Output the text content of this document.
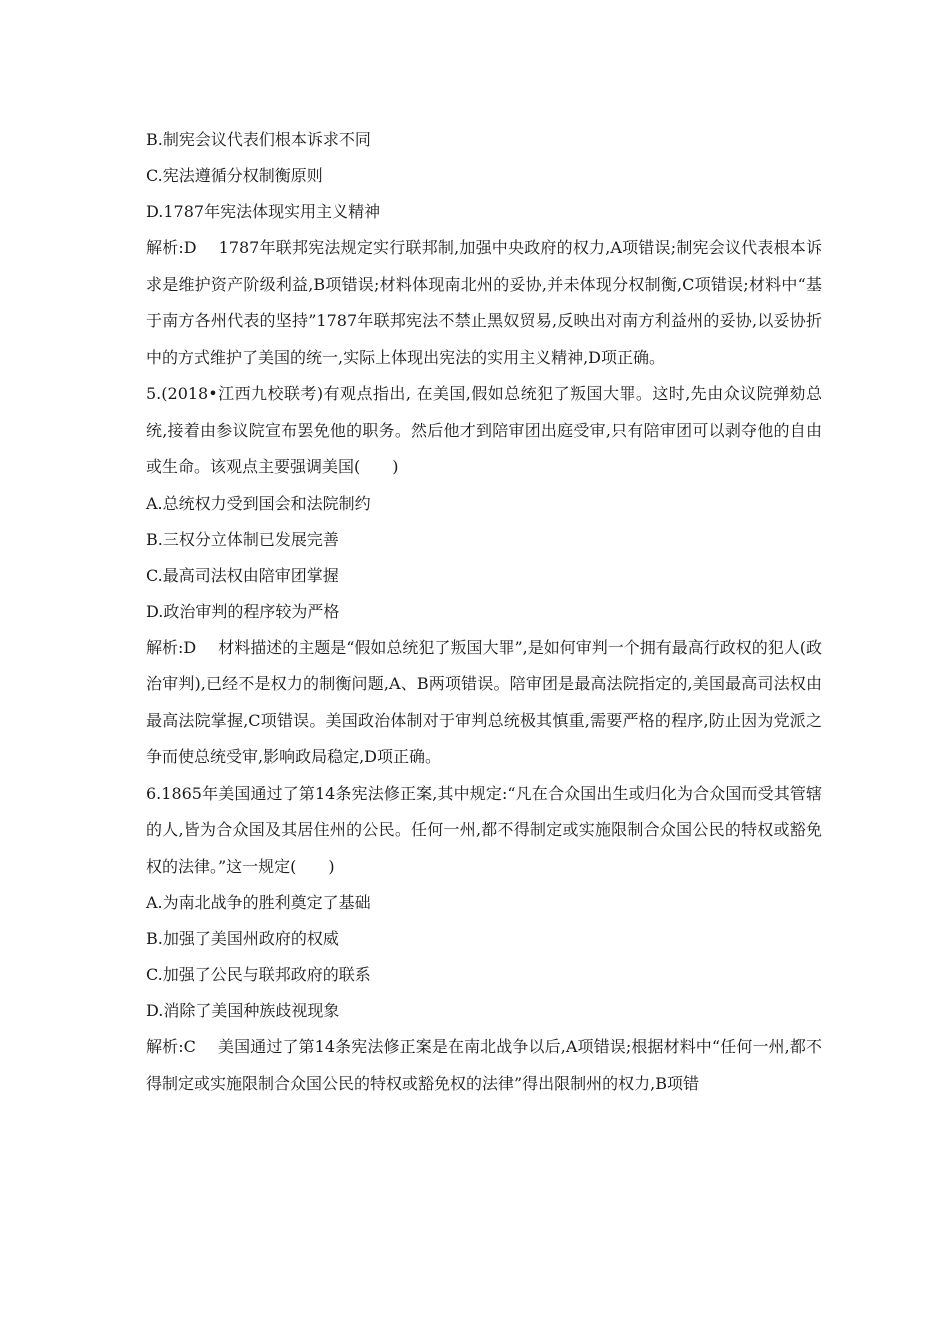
B.制宪会议代表们根本诉求不同

C.宪法遵循分权制衡原则

D.1787年宪法体现实用主义精神

解析:D 1787年联邦宪法规定实行联邦制,加强中央政府的权力,A项错误;制宪会议代表根本诉求是维护资产阶级利益,B项错误;材料体现南北州的妥协,并未体现分权制衡,C项错误;材料中“基于南方各州代表的坚持”1787年联邦宪法不禁止黑奴贸易,反映出对南方利益州的妥协,以妥协折中的方式维护了美国的统一,实际上体现出宪法的实用主义精神,D项正确。

5.(2018•江西九校联考)有观点指出, 在美国,假如总统犯了叛国大罪。这时,先由众议院弹劾总统,接着由参议院宣布罢免他的职务。然后他才到陪审团出庭受审,只有陪审团可以剥夺他的自由或生命。该观点主要强调美国(　　)

A.总统权力受到国会和法院制约

B.三权分立体制已发展完善

C.最高司法权由陪审团掌握

D.政治审判的程序较为严格

解析:D 材料描述的主题是“假如总统犯了叛国大罪”,是如何审判一个拥有最高行政权的犯人(政治审判),已经不是权力的制衡问题,A、B两项错误。陪审团是最高法院指定的,美国最高司法权由最高法院掌握,C项错误。美国政治体制对于审判总统极其慎重,需要严格的程序,防止因为党派之争而使总统受审,影响政局稳定,D项正确。

6.1865年美国通过了第14条宪法修正案,其中规定:“凡在合众国出生或归化为合众国而受其管辖的人,皆为合众国及其居住州的公民。任何一州,都不得制定或实施限制合众国公民的特权或豁免权的法律。”这一规定(　　)

A.为南北战争的胜利奠定了基础

B.加强了美国州政府的权威

C.加强了公民与联邦政府的联系

D.消除了美国种族歧视现象

解析:C 美国通过了第14条宪法修正案是在南北战争以后,A项错误;根据材料中“任何一州,都不得制定或实施限制合众国公民的特权或豁免权的法律”得出限制州的权力,B项错
